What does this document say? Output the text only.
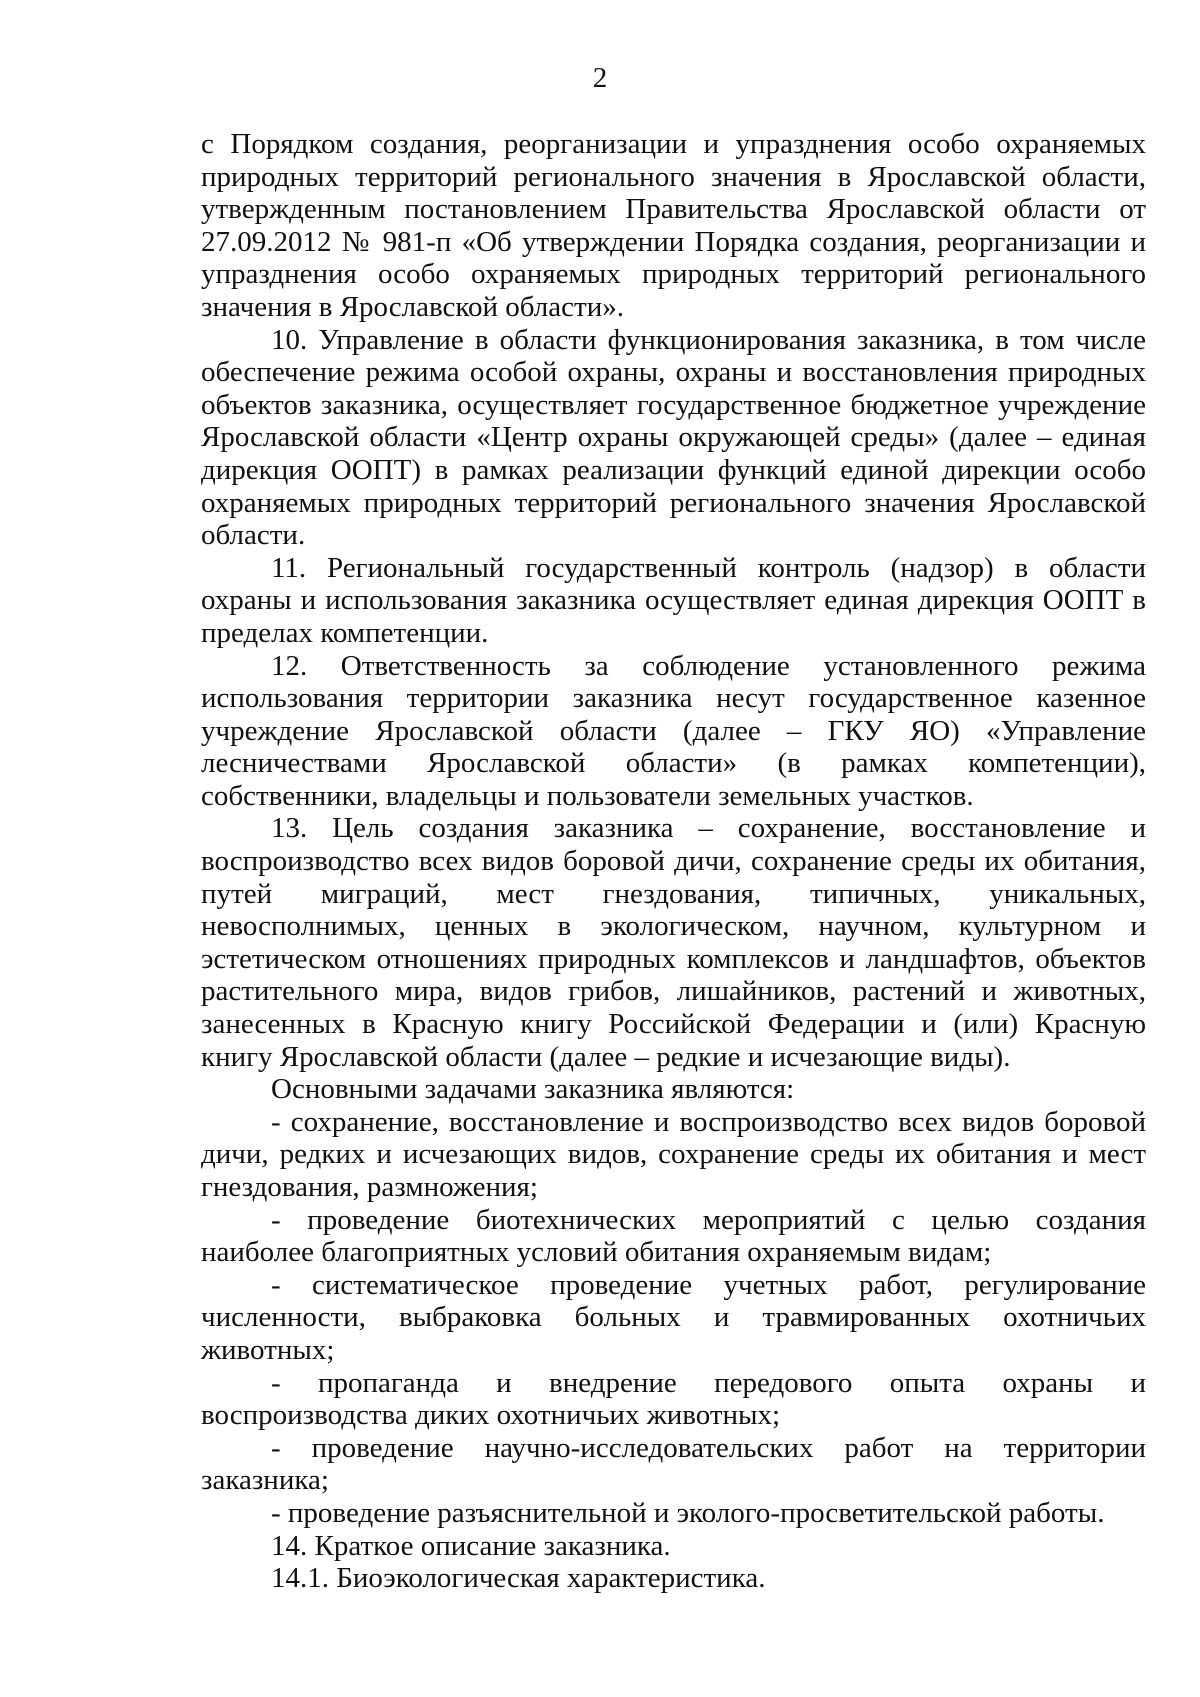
2

с Порядком создания, реорганизации и упразднения особо охраняемых природных территорий регионального значения в Ярославской области, утвержденным постановлением Правительства Ярославской области от 27.09.2012 № 981-п «Об утверждении Порядка создания, реорганизации и упразднения особо охраняемых природных территорий регионального значения в Ярославской области».

10. Управление в области функционирования заказника, в том числе обеспечение режима особой охраны, охраны и восстановления природных объектов заказника, осуществляет государственное бюджетное учреждение Ярославской области «Центр охраны окружающей среды» (далее – единая дирекция ООПТ) в рамках реализации функций единой дирекции особо охраняемых природных территорий регионального значения Ярославской области.

11. Региональный государственный контроль (надзор) в области охраны и использования заказника осуществляет единая дирекция ООПТ в пределах компетенции.

12. Ответственность за соблюдение установленного режима использования территории заказника несут государственное казенное учреждение Ярославской области (далее – ГКУ ЯО) «Управление лесничествами Ярославской области» (в рамках компетенции), собственники, владельцы и пользователи земельных участков.

13. Цель создания заказника – сохранение, восстановление и воспроизводство всех видов боровой дичи, сохранение среды их обитания, путей миграций, мест гнездования, типичных, уникальных, невосполнимых, ценных в экологическом, научном, культурном и эстетическом отношениях природных комплексов и ландшафтов, объектов растительного мира, видов грибов, лишайников, растений и животных, занесенных в Красную книгу Российской Федерации и (или) Красную книгу Ярославской области (далее – редкие и исчезающие виды).

Основными задачами заказника являются:

- сохранение, восстановление и воспроизводство всех видов боровой дичи, редких и исчезающих видов, сохранение среды их обитания и мест гнездования, размножения;

- проведение биотехнических мероприятий с целью создания наиболее благоприятных условий обитания охраняемым видам;

- систематическое проведение учетных работ, регулирование численности, выбраковка больных и травмированных охотничьих животных;

- пропаганда и внедрение передового опыта охраны и воспроизводства диких охотничьих животных;

- проведение научно-исследовательских работ на территории заказника;

- проведение разъяснительной и эколого-просветительской работы.

14. Краткое описание заказника.

14.1. Биоэкологическая характеристика.
